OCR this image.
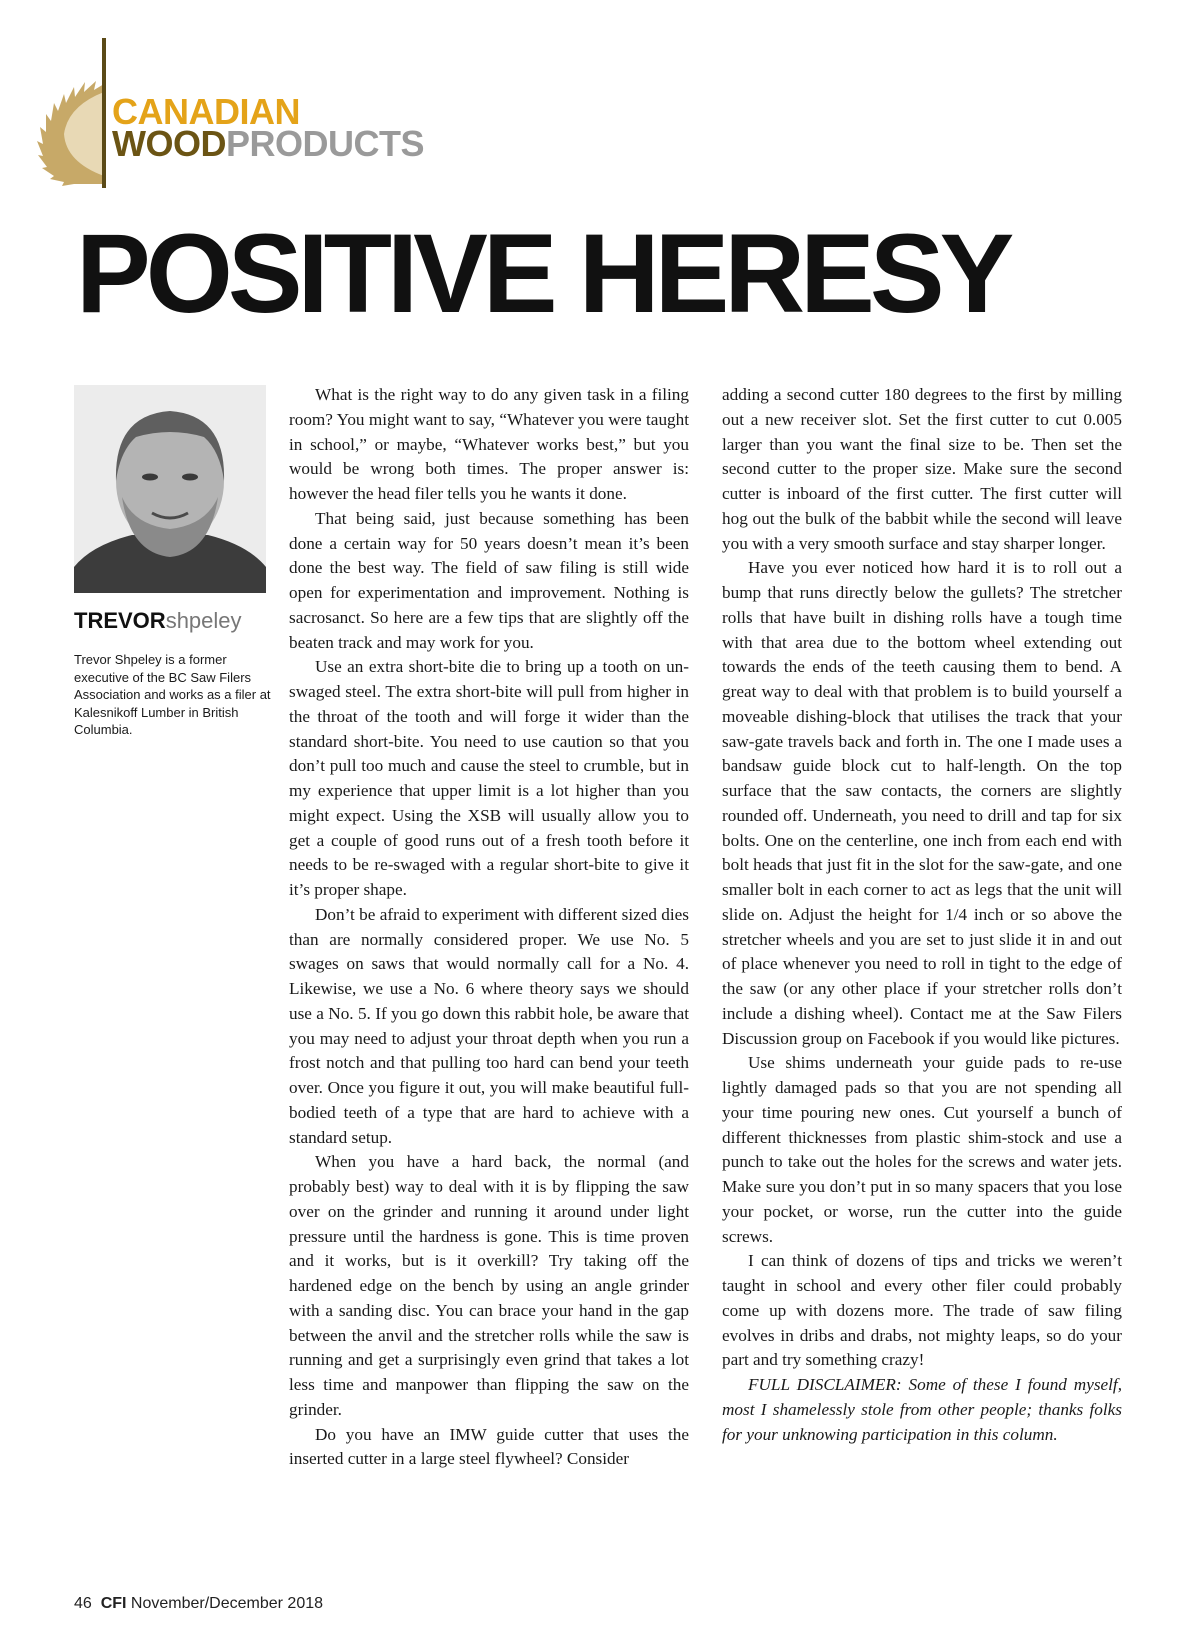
CANADIAN
WOODPRODUCTS
POSITIVE HERESY
TREVORshpeley

Trevor Shpeley is a former executive of the BC Saw Filers Association and works as a filer at Kalesnikoff Lumber in British Columbia.

What is the right way to do any given task in a filing room? You might want to say, “Whatever you were taught in school,” or maybe, “Whatever works best,” but you would be wrong both times. The proper answer is: however the head filer tells you he wants it done.

That being said, just because something has been done a certain way for 50 years doesn’t mean it’s been done the best way. The field of saw filing is still wide open for experimentation and improvement. Nothing is sacrosanct. So here are a few tips that are slightly off the beaten track and may work for you.

Use an extra short-bite die to bring up a tooth on un-swaged steel. The extra short-bite will pull from higher in the throat of the tooth and will forge it wider than the standard short-bite. You need to use caution so that you don’t pull too much and cause the steel to crumble, but in my experience that upper limit is a lot higher than you might expect. Using the XSB will usually allow you to get a couple of good runs out of a fresh tooth before it needs to be re-swaged with a regular short-bite to give it it’s proper shape.

Don’t be afraid to experiment with different sized dies than are normally considered proper. We use No. 5 swages on saws that would normally call for a No. 4. Likewise, we use a No. 6 where theory says we should use a No. 5. If you go down this rabbit hole, be aware that you may need to adjust your throat depth when you run a frost notch and that pulling too hard can bend your teeth over. Once you figure it out, you will make beautiful full-bodied teeth of a type that are hard to achieve with a standard setup.

When you have a hard back, the normal (and probably best) way to deal with it is by flipping the saw over on the grinder and running it around under light pressure until the hardness is gone. This is time proven and it works, but is it overkill? Try taking off the hardened edge on the bench by using an angle grinder with a sanding disc. You can brace your hand in the gap between the anvil and the stretcher rolls while the saw is running and get a surprisingly even grind that takes a lot less time and manpower than flipping the saw on the grinder.

Do you have an IMW guide cutter that uses the inserted cutter in a large steel flywheel? Consider

adding a second cutter 180 degrees to the first by milling out a new receiver slot. Set the first cutter to cut 0.005 larger than you want the final size to be. Then set the second cutter to the proper size. Make sure the second cutter is inboard of the first cutter. The first cutter will hog out the bulk of the babbit while the second will leave you with a very smooth surface and stay sharper longer.

Have you ever noticed how hard it is to roll out a bump that runs directly below the gullets? The stretcher rolls that have built in dishing rolls have a tough time with that area due to the bottom wheel extending out towards the ends of the teeth causing them to bend. A great way to deal with that problem is to build yourself a moveable dishing-block that utilises the track that your saw-gate travels back and forth in. The one I made uses a bandsaw guide block cut to half-length. On the top surface that the saw contacts, the corners are slightly rounded off. Underneath, you need to drill and tap for six bolts. One on the centerline, one inch from each end with bolt heads that just fit in the slot for the saw-gate, and one smaller bolt in each corner to act as legs that the unit will slide on. Adjust the height for 1/4 inch or so above the stretcher wheels and you are set to just slide it in and out of place whenever you need to roll in tight to the edge of the saw (or any other place if your stretcher rolls don’t include a dishing wheel). Contact me at the Saw Filers Discussion group on Facebook if you would like pictures.

Use shims underneath your guide pads to re-use lightly damaged pads so that you are not spending all your time pouring new ones. Cut yourself a bunch of different thicknesses from plastic shim-stock and use a punch to take out the holes for the screws and water jets. Make sure you don’t put in so many spacers that you lose your pocket, or worse, run the cutter into the guide screws.

I can think of dozens of tips and tricks we weren’t taught in school and every other filer could probably come up with dozens more. The trade of saw filing evolves in dribs and drabs, not mighty leaps, so do your part and try something crazy!

FULL DISCLAIMER: Some of these I found myself, most I shamelessly stole from other people; thanks folks for your unknowing participation in this column.

46 CFI November/December 2018
